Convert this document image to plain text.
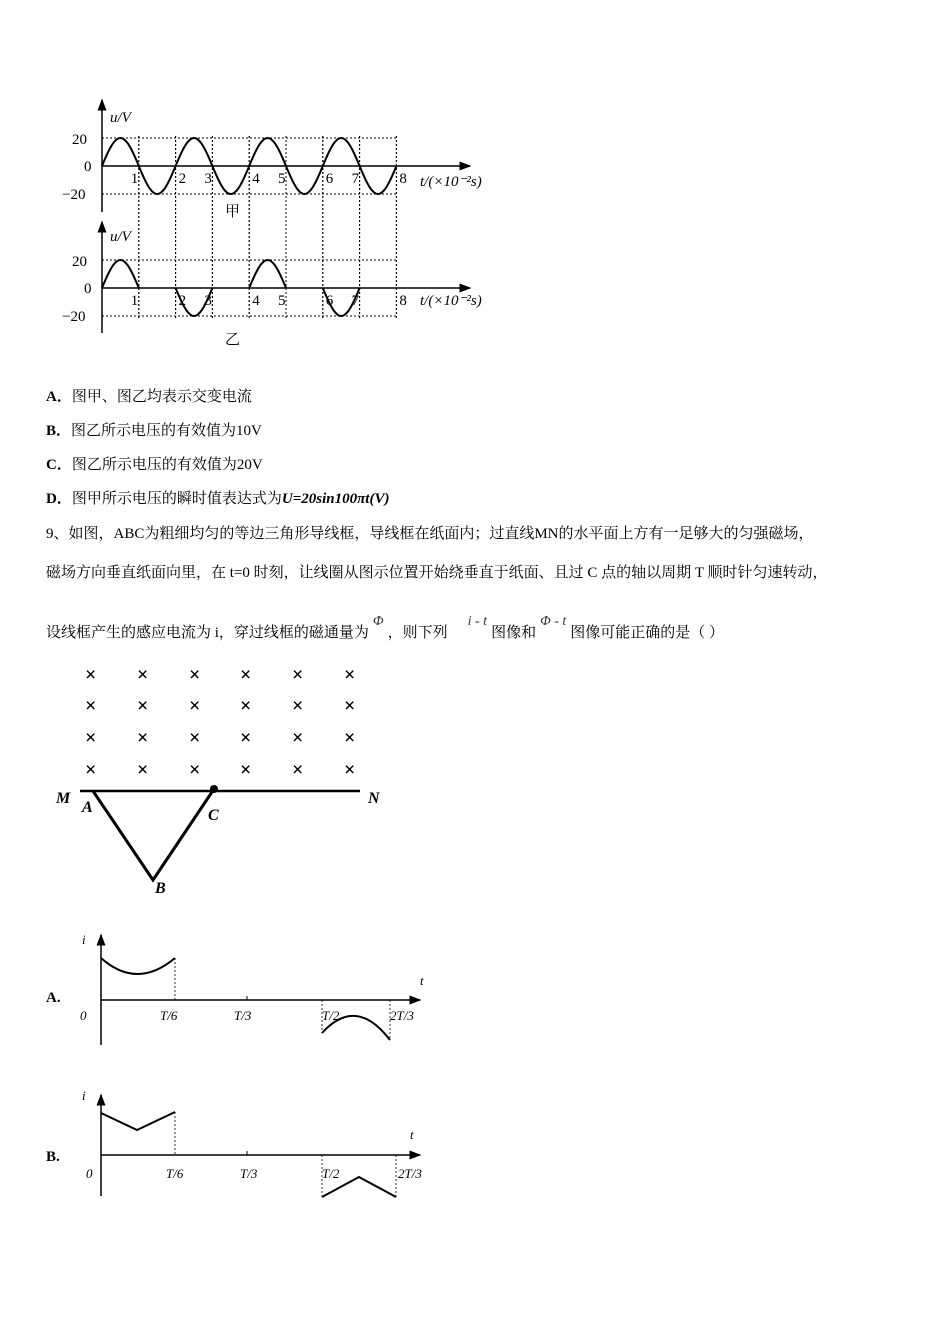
× × × × × ×
× × × × × ×
× × × × × ×
× × × × × ×
u/V
20
0
−20
t/(×10⁻²s)
甲
1	2 3	4 5	6 7	8
u/V
20
0
−20
t/(×10⁻²s)
乙
1	2 3	4 5	6 7	8
M
A	C
B
N
i
t
0	T/6	T/3	T/2	2T/3
i
t
0	T/6	T/3	T/2	2T/3
A．图甲、图乙均表示交变电流
B．图乙所示电压的有效值为10V
C．图乙所示电压的有效值为20V
D．图甲所示电压的瞬时值表达式为U=20sin100πt(V)
9、如图，ABC为粗细均匀的等边三角形导线框，导线框在纸面内；过直线MN的水平面上方有一足够大的匀强磁场，
磁场方向垂直纸面向里，在 t=0 时刻，让线圈从图示位置开始绕垂直于纸面、且过 C 点的轴以周期 T 顺时针匀速转动，
设线框产生的感应电流为 i，穿过线框的磁通量为Φ，则下列i - t图像和Φ - t图像可能正确的是（ ）
A.
B.
